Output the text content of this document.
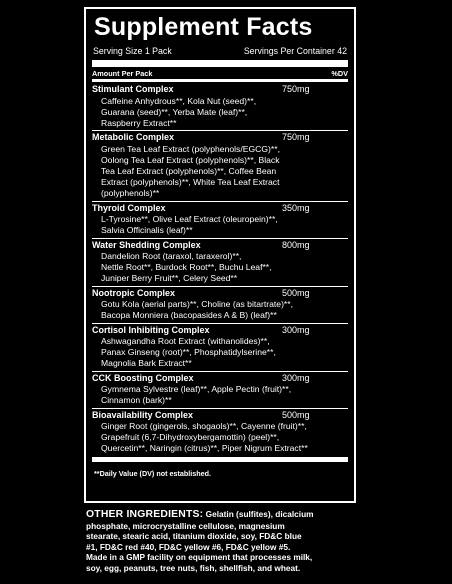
Supplement Facts
Serving Size 1 Pack	Servings Per Container 42
Amount Per Pack	%DV
Stimulant Complex	750mg
Caffeine Anhydrous**, Kola Nut (seed)**,
Guarana (seed)**, Yerba Mate (leaf)**,
Raspberry Extract**
Metabolic Complex	750mg
Green Tea Leaf Extract (polyphenols/EGCG)**,
Oolong Tea Leaf Extract (polyphenols)**, Black
Tea Leaf Extract (polyphenols)**, Coffee Bean
Extract (polyphenols)**, White Tea Leaf Extract
(polyphenols)**
Thyroid Complex	350mg
L-Tyrosine**, Olive Leaf Extract (oleuropein)**,
Salvia Officinalis (leaf)**
Water Shedding Complex	800mg
Dandelion Root (taraxol, taraxerol)**,
Nettle Root**, Burdock Root**, Buchu Leaf**,
Juniper Berry Fruit**, Celery Seed**
Nootropic Complex	500mg
Gotu Kola (aerial parts)**, Choline (as bitartrate)**,
Bacopa Monniera (bacopasides A & B) (leaf)**
Cortisol Inhibiting Complex	300mg
Ashwagandha Root Extract (withanolides)**,
Panax Ginseng (root)**, Phosphatidylserine**,
Magnolia Bark Extract**
CCK Boosting Complex	300mg
Gymnema Sylvestre (leaf)**, Apple Pectin (fruit)**,
Cinnamon (bark)**
Bioavailability Complex	500mg
Ginger Root (gingerols, shogaols)**, Cayenne (fruit)**,
Grapefruit (6,7-Dihydroxybergamottin) (peel)**,
Quercetin**, Naringin (citrus)**, Piper Nigrum Extract**
**Daily Value (DV) not established.
OTHER INGREDIENTS: Gelatin (sulfites), dicalcium
phosphate, microcrystalline cellulose, magnesium
stearate, stearic acid, titanium dioxide, soy, FD&C blue
#1, FD&C red #40, FD&C yellow #6, FD&C yellow #5.
Made in a GMP facility on equipment that processes milk,
soy, egg, peanuts, tree nuts, fish, shellfish, and wheat.
